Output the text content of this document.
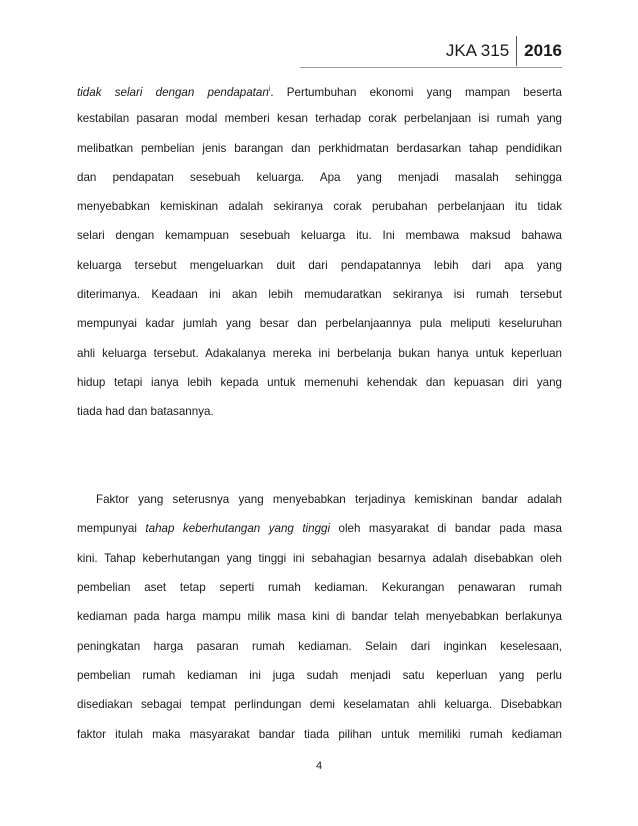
JKA 315 2016
tidak selari dengan pendapatan$^i$. Pertumbuhan ekonomi yang mampan beserta
kestabilan pasaran modal memberi kesan terhadap corak perbelanjaan isi rumah yang
melibatkan pembelian jenis barangan dan perkhidmatan berdasarkan tahap pendidikan
dan pendapatan sesebuah keluarga. Apa yang menjadi masalah sehingga
menyebabkan kemiskinan adalah sekiranya corak perubahan perbelanjaan itu tidak
selari dengan kemampuan sesebuah keluarga itu. Ini membawa maksud bahawa
keluarga tersebut mengeluarkan duit dari pendapatannya lebih dari apa yang
diterimanya. Keadaan ini akan lebih memudaratkan sekiranya isi rumah tersebut
mempunyai kadar jumlah yang besar dan perbelanjaannya pula meliputi keseluruhan
ahli keluarga tersebut. Adakalanya mereka ini berbelanja bukan hanya untuk keperluan
hidup tetapi ianya lebih kepada untuk memenuhi kehendak dan kepuasan diri yang
tiada had dan batasannya.
Faktor yang seterusnya yang menyebabkan terjadinya kemiskinan bandar adalah
mempunyai tahap keberhutangan yang tinggi oleh masyarakat di bandar pada masa
kini. Tahap keberhutangan yang tinggi ini sebahagian besarnya adalah disebabkan oleh
pembelian aset tetap seperti rumah kediaman. Kekurangan penawaran rumah
kediaman pada harga mampu milik masa kini di bandar telah menyebabkan berlakunya
peningkatan harga pasaran rumah kediaman. Selain dari inginkan keselesaan,
pembelian rumah kediaman ini juga sudah menjadi satu keperluan yang perlu
disediakan sebagai tempat perlindungan demi keselamatan ahli keluarga. Disebabkan
faktor itulah maka masyarakat bandar tiada pilihan untuk memiliki rumah kediaman
4
